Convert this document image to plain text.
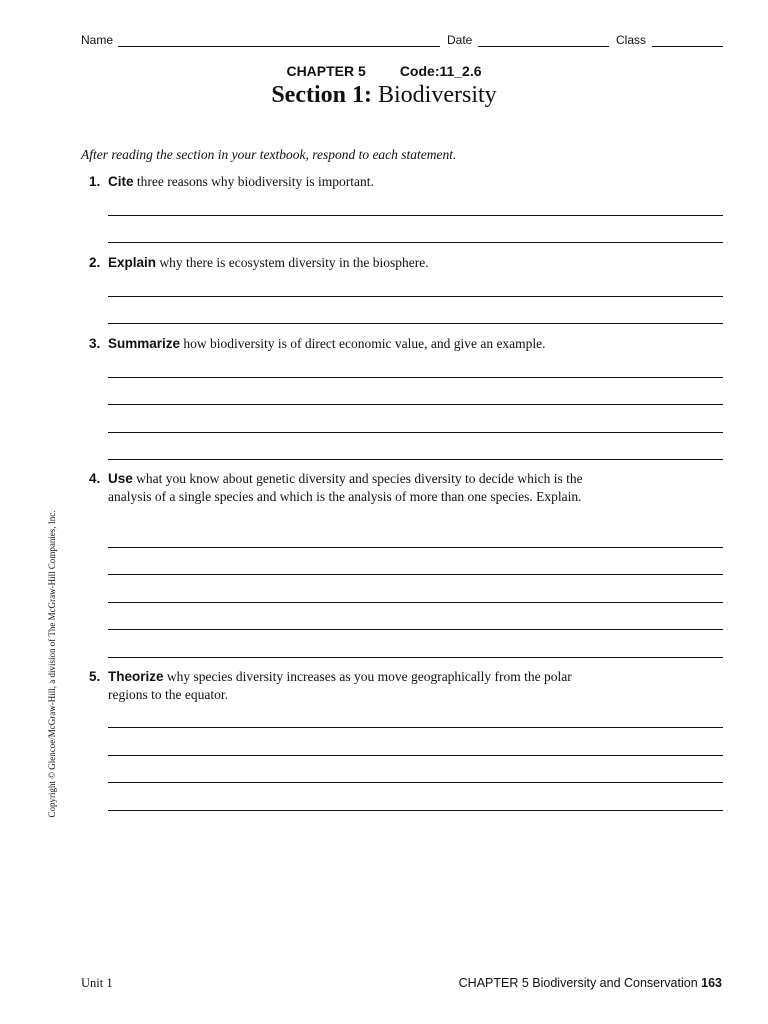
Name	Date	Class
CHAPTER 5 Code:11_2.6
Section 1: Biodiversity
After reading the section in your textbook, respond to each statement.
1. Cite three reasons why biodiversity is important.
2. Explain why there is ecosystem diversity in the biosphere.
3. Summarize how biodiversity is of direct economic value, and give an example.
4. Use what you know about genetic diversity and species diversity to decide which is the analysis of a single species and which is the analysis of more than one species. Explain.
5. Theorize why species diversity increases as you move geographically from the polar regions to the equator.
Copyright © Glencoe/McGraw-Hill, a division of The McGraw-Hill Companies, Inc.
Unit 1	CHAPTER 5 Biodiversity and Conservation 163
